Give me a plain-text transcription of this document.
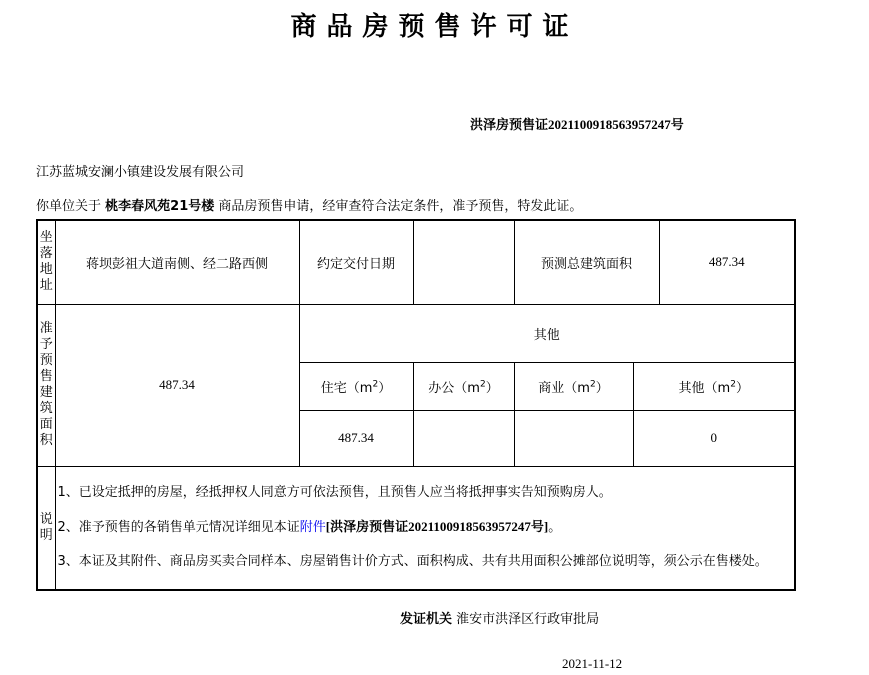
商品房预售许可证
洪泽房预售证2021100918563957247号
江苏蓝城安澜小镇建设发展有限公司
你单位关于 桃李春风苑21号楼 商品房预售申请，经审查符合法定条件，准予预售，特发此证。
坐落地址	蒋坝彭祖大道南侧、经二路西侧	约定交付日期		预测总建筑面积		487.34
准予预售建筑面积	487.34	其他				
		住宅$(m^2)$	办公$(m^2)$	商业$(m^2)$	其他$(m^2)$	
		487.34			0	
说明	1、已设定抵押的房屋，经抵押权人同意方可依法预售，且预售人应当将抵押事实告知预购房人。

2、准予预售的各销售单元情况详细见本证附件[洪泽房预售证2021100918563957247号]。

3、本证及其附件、商品房买卖合同样本、房屋销售计价方式、面积构成、共有共用面积公摊部位说明等，须公示在售楼处。					

发证机关 淮安市洪泽区行政审批局
2021-11-12
